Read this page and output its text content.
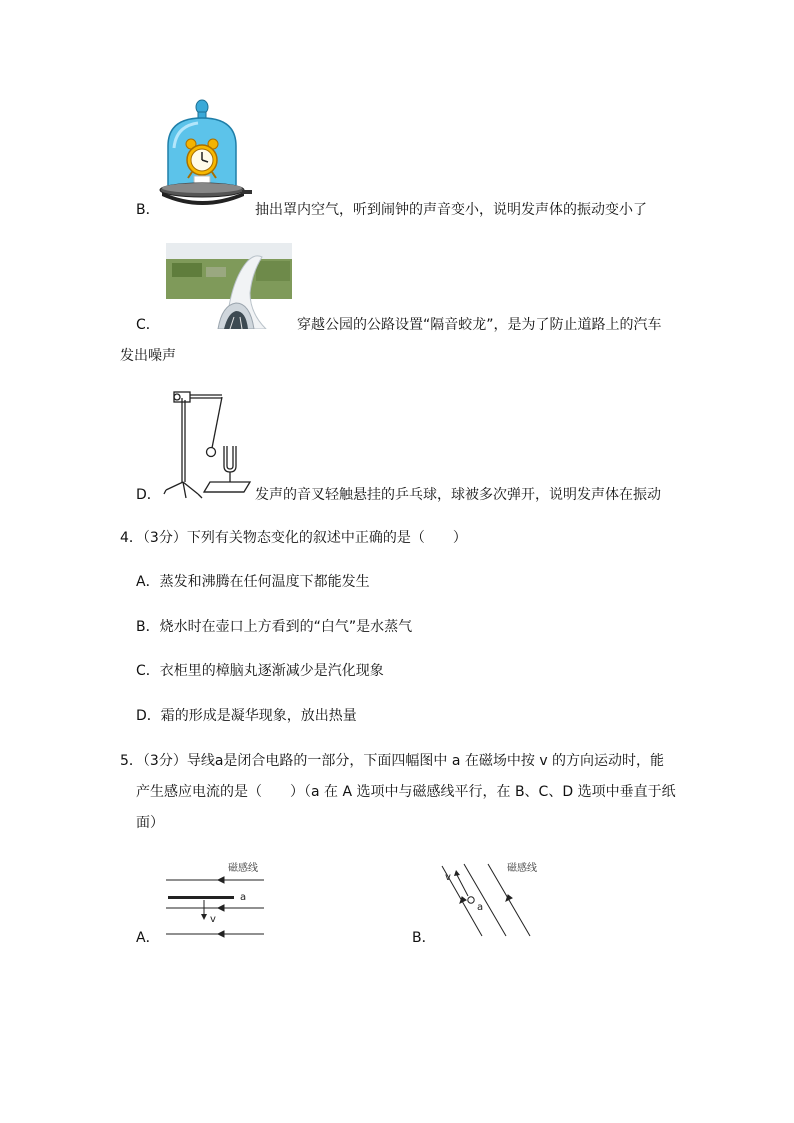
B．	抽出罩内空气，听到闹钟的声音变小，说明发声体的振动变小了
C．	穿越公园的公路设置“隔音蛟龙”，是为了防止道路上的汽车
发出噪声
D．	发声的音叉轻触悬挂的乒乓球，球被多次弹开，说明发声体在振动
4．（3分）下列有关物态变化的叙述中正确的是（　　）
A．蒸发和沸腾在任何温度下都能发生
B．烧水时在壶口上方看到的“白气”是水蒸气
C．衣柜里的樟脑丸逐渐减少是汽化现象
D．霜的形成是凝华现象，放出热量
5．（3分）导线a是闭合电路的一部分，下面四幅图中 a 在磁场中按 v 的方向运动时，能
产生感应电流的是（　　）（a 在 A 选项中与磁感线平行，在 B、C、D 选项中垂直于纸
面）
A．
磁感线
a
v
B．
磁感线
a
v
